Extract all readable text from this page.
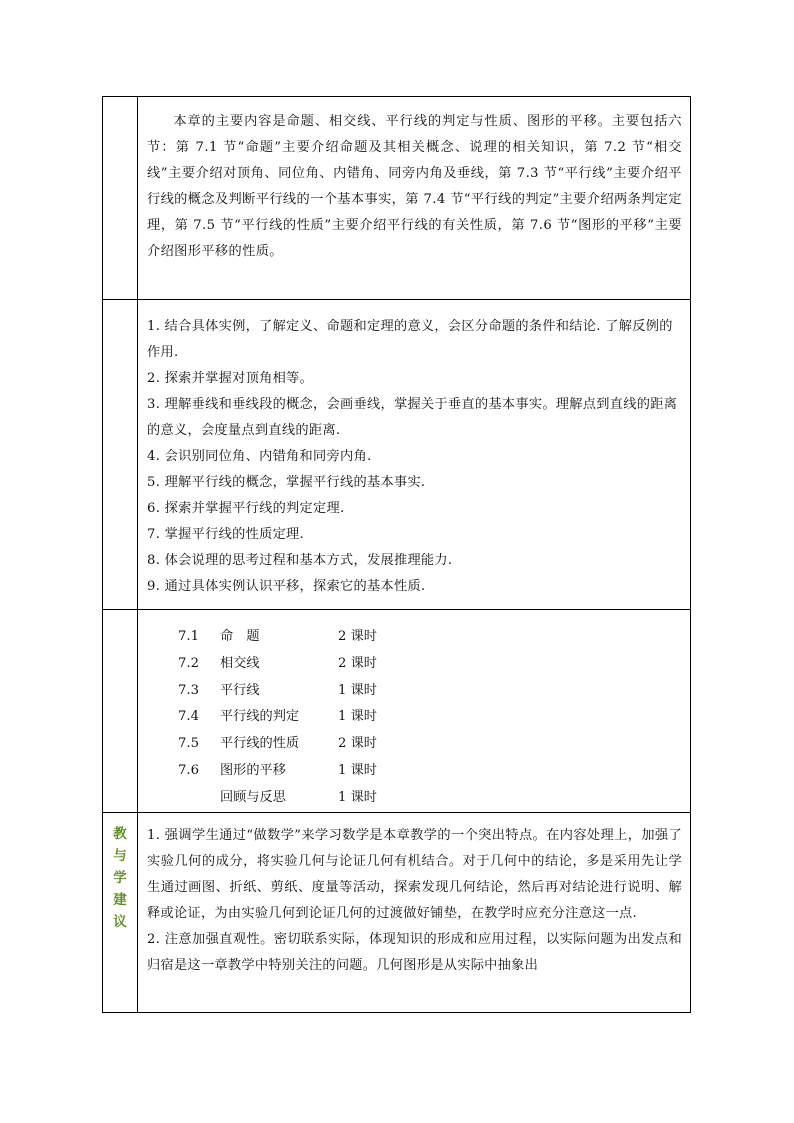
本章的主要内容是命题、相交线、平行线的判定与性质、图形的平移。主要包括六节：第 7.1 节“命题”主要介绍命题及其相关概念、说理的相关知识，第 7.2 节“相交线”主要介绍对顶角、同位角、内错角、同旁内角及垂线，第 7.3 节“平行线”主要介绍平行线的概念及判断平行线的一个基本事实，第 7.4 节“平行线的判定”主要介绍两条判定定理，第 7.5 节“平行线的性质”主要介绍平行线的有关性质，第 7.6 节“图形的平移”主要介绍图形平移的性质。

1. 结合具体实例，了解定义、命题和定理的意义，会区分命题的条件和结论. 了解反例的作用.

2. 探索并掌握对顶角相等。

3. 理解垂线和垂线段的概念，会画垂线，掌握关于垂直的基本事实。理解点到直线的距离的意义，会度量点到直线的距离.

4. 会识别同位角、内错角和同旁内角.

5. 理解平行线的概念，掌握平行线的基本事实.

6. 探索并掌握平行线的判定定理.

7. 掌握平行线的性质定理.

8. 体会说理的思考过程和基本方式，发展推理能力.

9. 通过具体实例认识平移，探索它的基本性质.

7.1 命　题	2 课时
7.2 相交线	2 课时
7.3 平行线	1 课时
7.4 平行线的判定	1 课时
7.5 平行线的性质	2 课时
7.6 图形的平移	1 课时
回顾与反思	1 课时
教
与
学
建
议

1. 强调学生通过“做数学”来学习数学是本章教学的一个突出特点。在内容处理上，加强了实验几何的成分，将实验几何与论证几何有机结合。对于几何中的结论，多是采用先让学生通过画图、折纸、剪纸、度量等活动，探索发现几何结论，然后再对结论进行说明、解释或论证，为由实验几何到论证几何的过渡做好铺垫，在教学时应充分注意这一点.

2. 注意加强直观性。密切联系实际，体现知识的形成和应用过程，以实际问题为出发点和归宿是这一章教学中特别关注的问题。几何图形是从实际中抽象出
